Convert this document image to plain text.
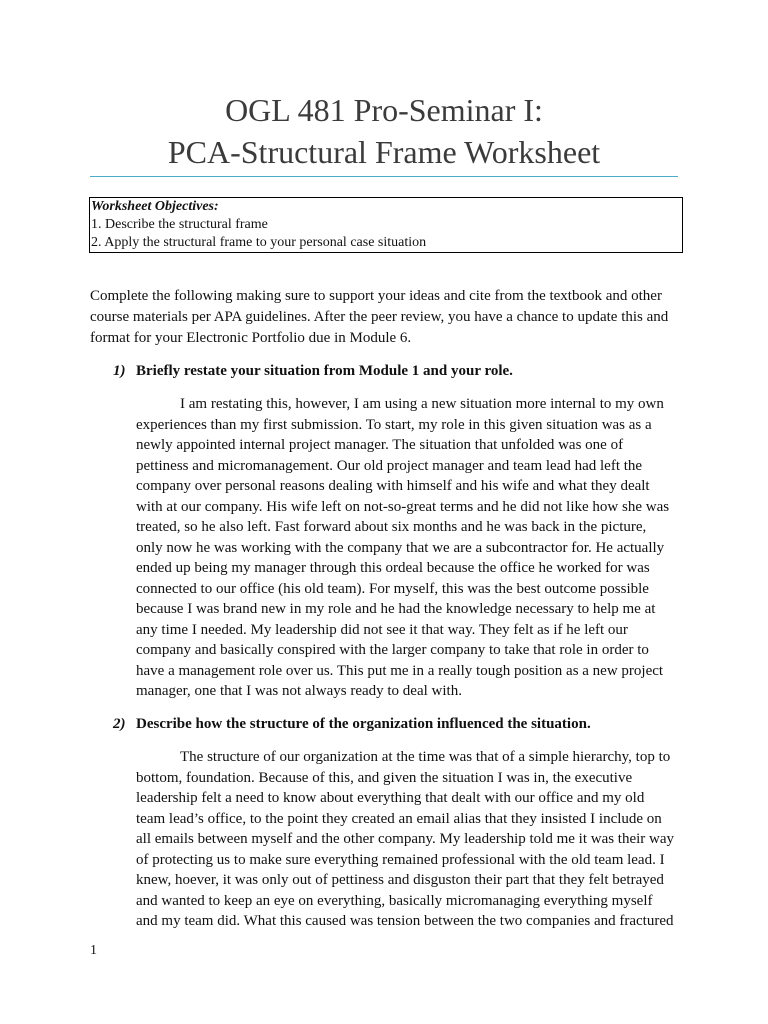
OGL 481 Pro-Seminar I:
PCA-Structural Frame Worksheet
Worksheet Objectives:
1. Describe the structural frame
2. Apply the structural frame to your personal case situation
Complete the following making sure to support your ideas and cite from the textbook and other
course materials per APA guidelines. After the peer review, you have a chance to update this and
format for your Electronic Portfolio due in Module 6.
1) Briefly restate your situation from Module 1 and your role.
I am restating this, however, I am using a new situation more internal to my own
experiences than my first submission. To start, my role in this given situation was as a
newly appointed internal project manager. The situation that unfolded was one of
pettiness and micromanagement. Our old project manager and team lead had left the
company over personal reasons dealing with himself and his wife and what they dealt
with at our company. His wife left on not-so-great terms and he did not like how she was
treated, so he also left. Fast forward about six months and he was back in the picture,
only now he was working with the company that we are a subcontractor for. He actually
ended up being my manager through this ordeal because the office he worked for was
connected to our office (his old team). For myself, this was the best outcome possible
because I was brand new in my role and he had the knowledge necessary to help me at
any time I needed. My leadership did not see it that way. They felt as if he left our
company and basically conspired with the larger company to take that role in order to
have a management role over us. This put me in a really tough position as a new project
manager, one that I was not always ready to deal with.
2) Describe how the structure of the organization influenced the situation.
The structure of our organization at the time was that of a simple hierarchy, top to
bottom, foundation. Because of this, and given the situation I was in, the executive
leadership felt a need to know about everything that dealt with our office and my old
team lead’s office, to the point they created an email alias that they insisted I include on
all emails between myself and the other company. My leadership told me it was their way
of protecting us to make sure everything remained professional with the old team lead. I
knew, hoever, it was only out of pettiness and disguston their part that they felt betrayed
and wanted to keep an eye on everything, basically micromanaging everything myself
and my team did. What this caused was tension between the two companies and fractured
1
